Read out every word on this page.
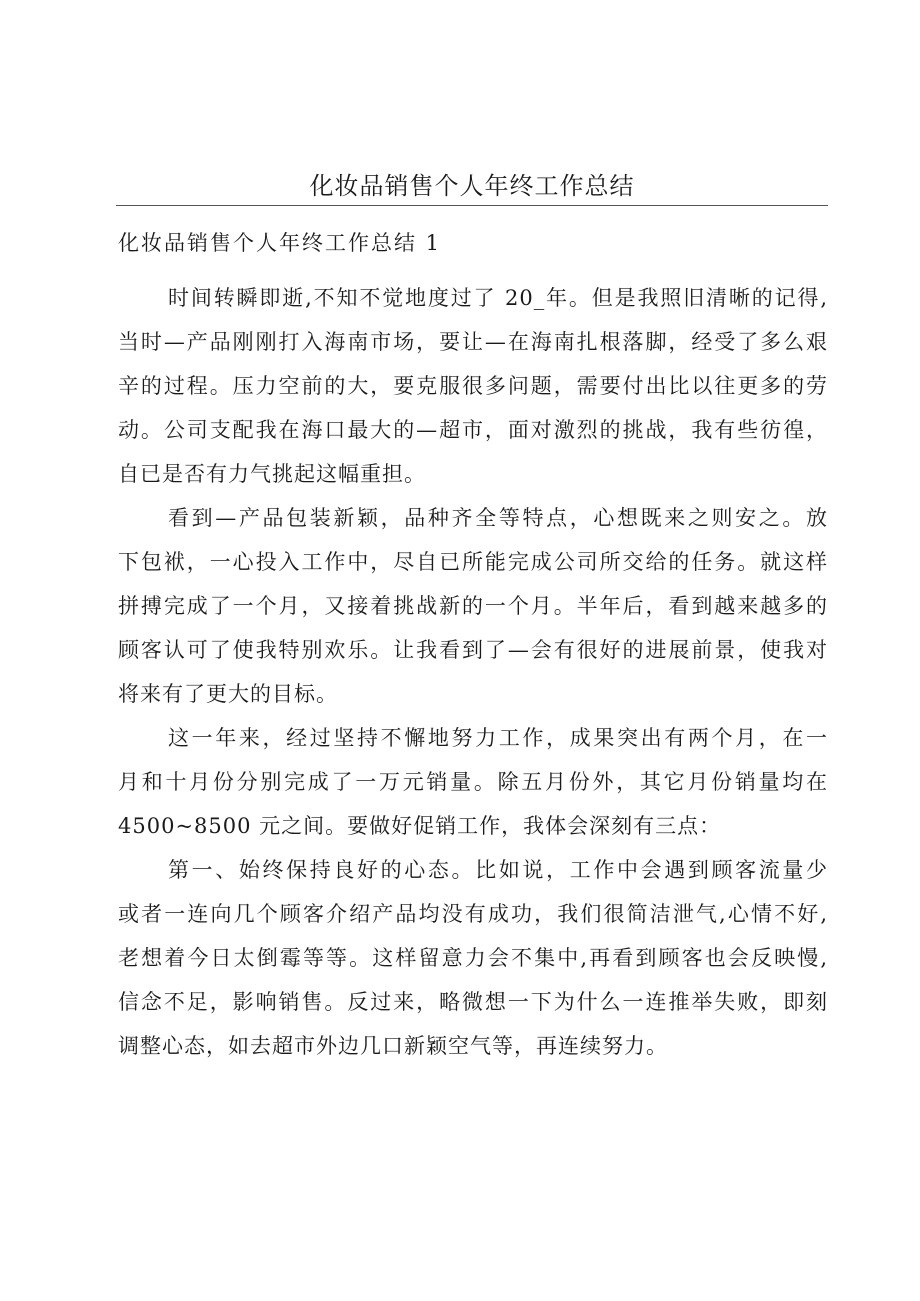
化妆品销售个人年终工作总结
化妆品销售个人年终工作总结 1

时间转瞬即逝,不知不觉地度过了 20_年。但是我照旧清晰的记得,
当时—产品刚刚打入海南市场，要让—在海南扎根落脚，经受了多么艰
辛的过程。压力空前的大，要克服很多问题，需要付出比以往更多的劳
动。公司支配我在海口最大的—超市，面对激烈的挑战，我有些彷徨，
自已是否有力气挑起这幅重担。

看到—产品包装新颖，品种齐全等特点，心想既来之则安之。放
下包袱，一心投入工作中，尽自已所能完成公司所交给的任务。就这样
拼搏完成了一个月，又接着挑战新的一个月。半年后，看到越来越多的
顾客认可了使我特别欢乐。让我看到了—会有很好的进展前景，使我对
将来有了更大的目标。

这一年来，经过坚持不懈地努力工作，成果突出有两个月，在一
月和十月份分别完成了一万元销量。除五月份外，其它月份销量均在
4500~8500 元之间。要做好促销工作，我体会深刻有三点：

第一、始终保持良好的心态。比如说，工作中会遇到顾客流量少
或者一连向几个顾客介绍产品均没有成功，我们很简洁泄气,心情不好,
老想着今日太倒霉等等。这样留意力会不集中,再看到顾客也会反映慢,
信念不足，影响销售。反过来，略微想一下为什么一连推举失败，即刻
调整心态，如去超市外边几口新颖空气等，再连续努力。
